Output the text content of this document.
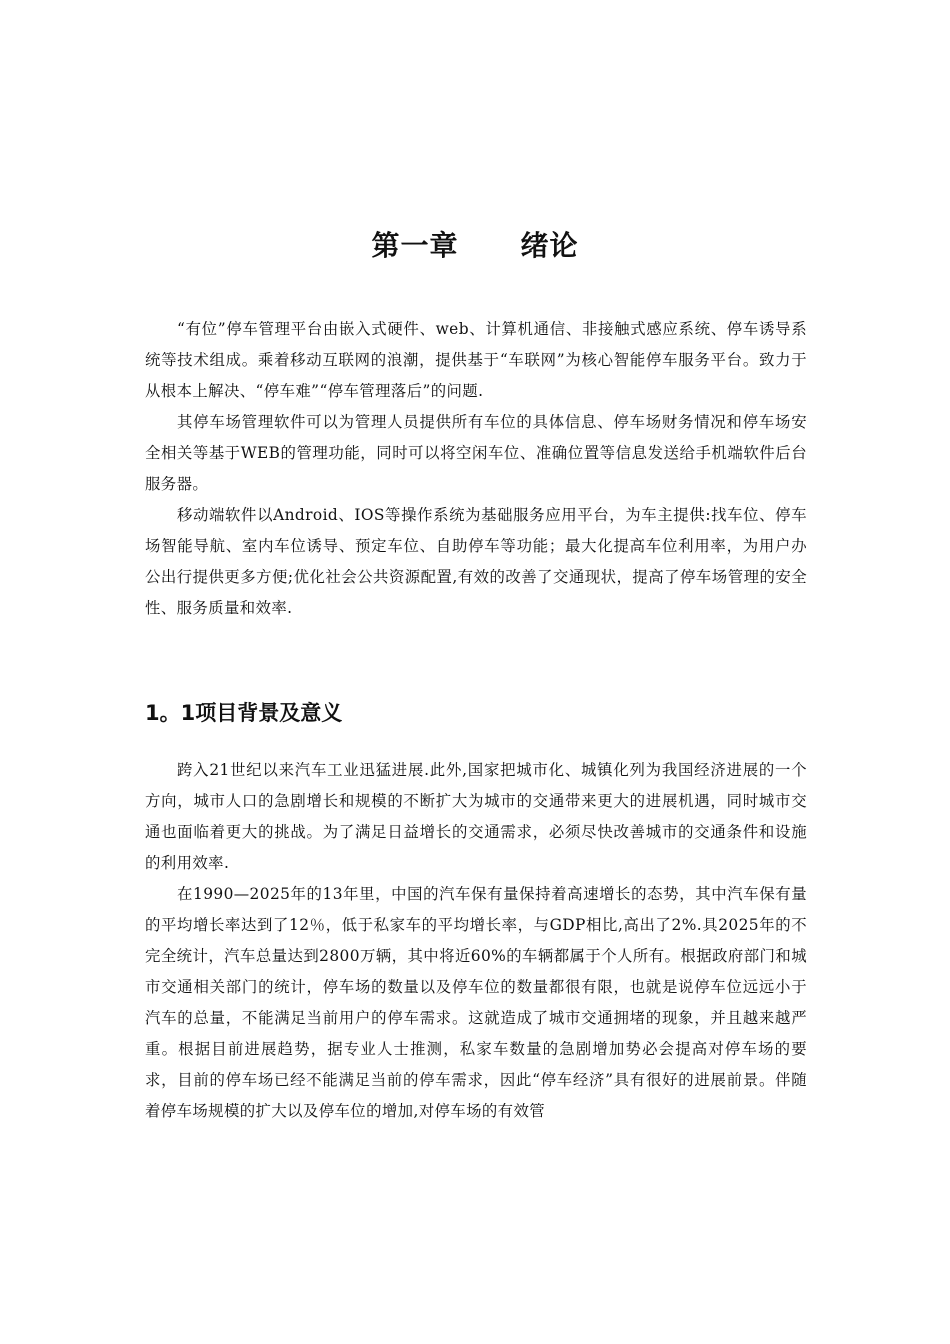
第一章 绪论

“有位”停车管理平台由嵌入式硬件、web、计算机通信、非接触式感应系统、停车诱导系统等技术组成。乘着移动互联网的浪潮，提供基于“车联网”为核心智能停车服务平台。致力于从根本上解决、“停车难”“停车管理落后”的问题.

其停车场管理软件可以为管理人员提供所有车位的具体信息、停车场财务情况和停车场安全相关等基于WEB的管理功能，同时可以将空闲车位、准确位置等信息发送给手机端软件后台服务器。

移动端软件以Android、IOS等操作系统为基础服务应用平台，为车主提供:找车位、停车场智能导航、室内车位诱导、预定车位、自助停车等功能；最大化提高车位利用率，为用户办公出行提供更多方便;优化社会公共资源配置,有效的改善了交通现状，提高了停车场管理的安全性、服务质量和效率.

1。1项目背景及意义

跨入21世纪以来汽车工业迅猛进展.此外,国家把城市化、城镇化列为我国经济进展的一个方向，城市人口的急剧增长和规模的不断扩大为城市的交通带来更大的进展机遇，同时城市交通也面临着更大的挑战。为了满足日益增长的交通需求，必须尽快改善城市的交通条件和设施的利用效率.

在1990—2025年的13年里，中国的汽车保有量保持着高速增长的态势，其中汽车保有量的平均增长率达到了12％，低于私家车的平均增长率，与GDP相比,高出了2%.具2025年的不完全统计，汽车总量达到2800万辆，其中将近60%的车辆都属于个人所有。根据政府部门和城市交通相关部门的统计，停车场的数量以及停车位的数量都很有限，也就是说停车位远远小于汽车的总量，不能满足当前用户的停车需求。这就造成了城市交通拥堵的现象，并且越来越严重。根据目前进展趋势，据专业人士推测，私家车数量的急剧增加势必会提高对停车场的要求，目前的停车场已经不能满足当前的停车需求，因此“停车经济”具有很好的进展前景。伴随着停车场规模的扩大以及停车位的增加,对停车场的有效管
